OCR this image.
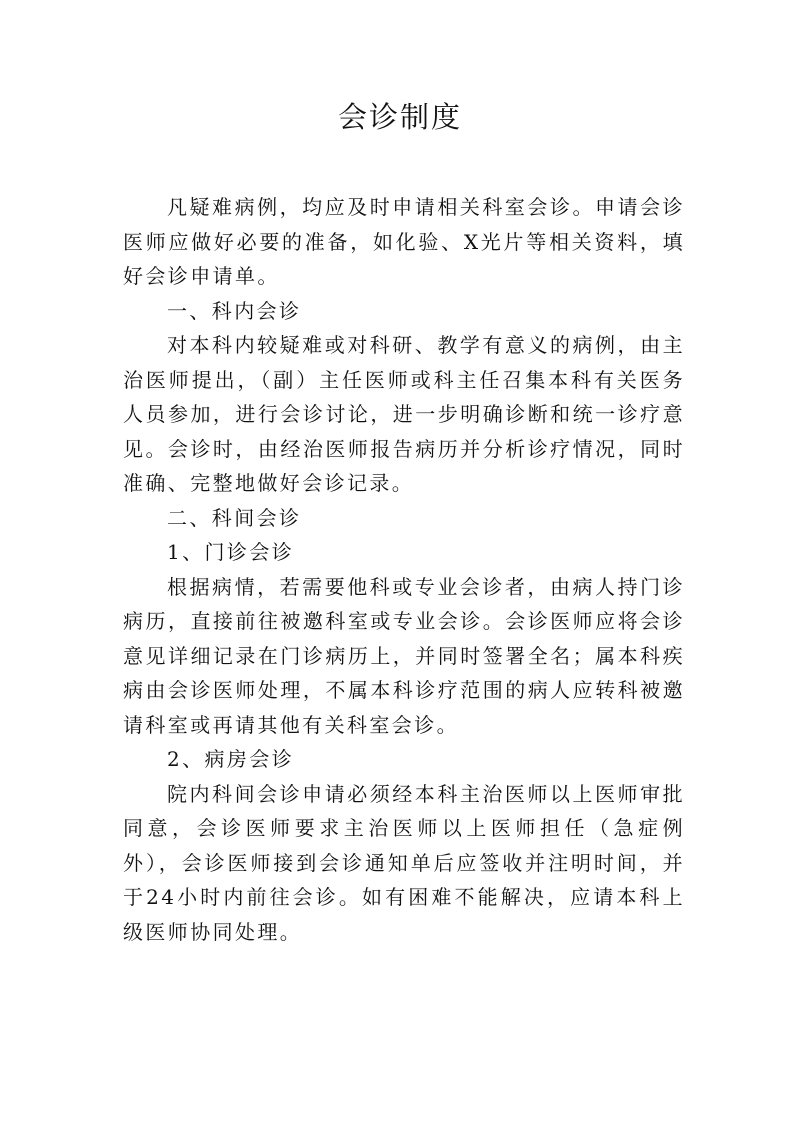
会诊制度

凡疑难病例，均应及时申请相关科室会诊。申请会诊医师应做好必要的准备，如化验、X光片等相关资料，填好会诊申请单。

一、科内会诊

对本科内较疑难或对科研、教学有意义的病例，由主治医师提出，（副）主任医师或科主任召集本科有关医务人员参加，进行会诊讨论，进一步明确诊断和统一诊疗意见。会诊时，由经治医师报告病历并分析诊疗情况，同时准确、完整地做好会诊记录。

二、科间会诊

1、门诊会诊

根据病情，若需要他科或专业会诊者，由病人持门诊病历，直接前往被邀科室或专业会诊。会诊医师应将会诊意见详细记录在门诊病历上，并同时签署全名；属本科疾病由会诊医师处理，不属本科诊疗范围的病人应转科被邀请科室或再请其他有关科室会诊。

2、病房会诊

院内科间会诊申请必须经本科主治医师以上医师审批同意，会诊医师要求主治医师以上医师担任（急症例外），会诊医师接到会诊通知单后应签收并注明时间，并于24小时内前往会诊。如有困难不能解决，应请本科上级医师协同处理。
